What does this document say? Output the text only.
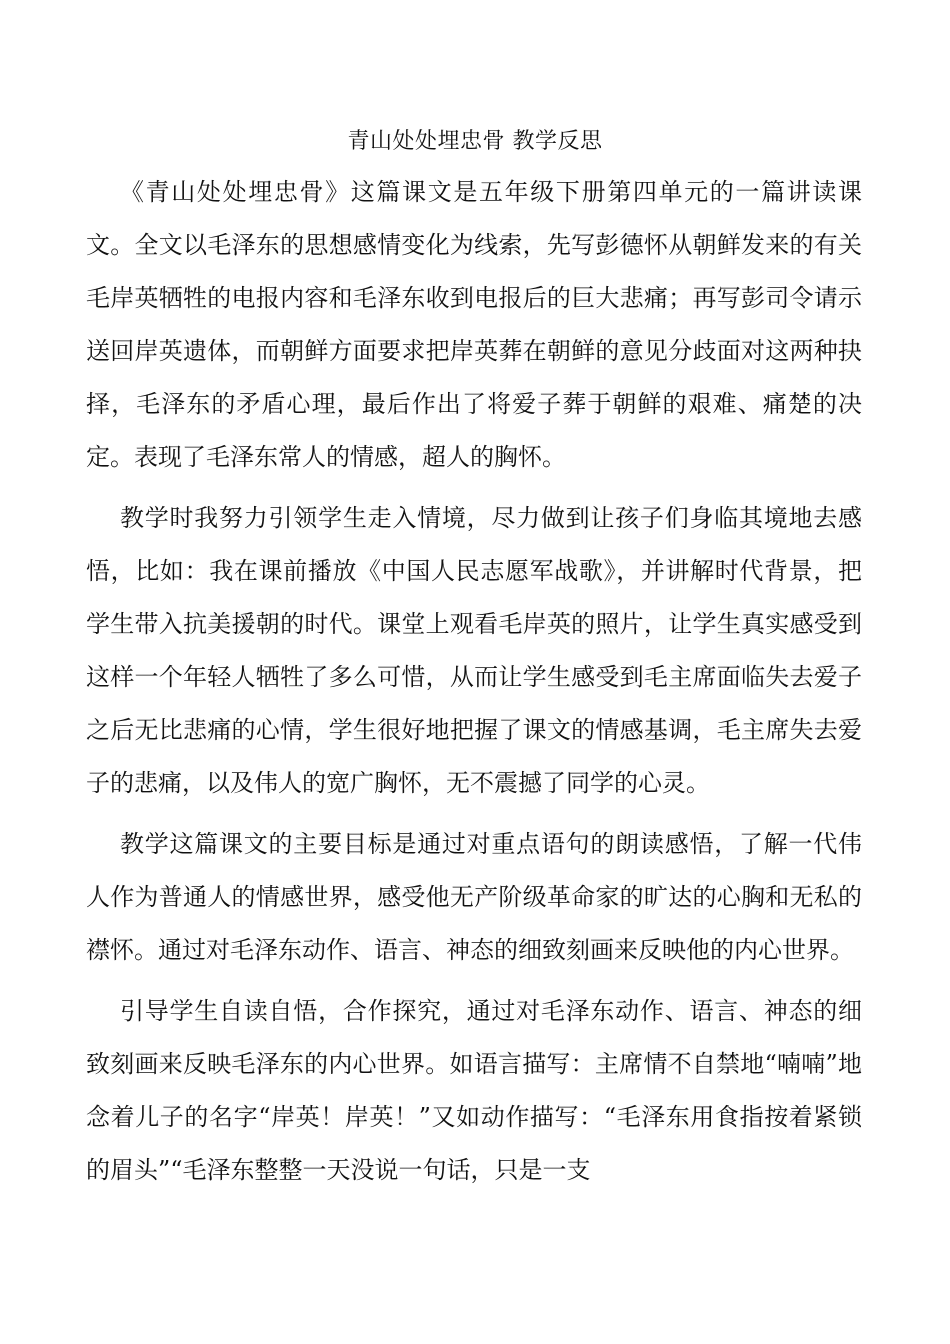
青山处处埋忠骨 教学反思

《青山处处埋忠骨》这篇课文是五年级下册第四单元的一篇讲读课文。全文以毛泽东的思想感情变化为线索，先写彭德怀从朝鲜发来的有关毛岸英牺牲的电报内容和毛泽东收到电报后的巨大悲痛；再写彭司令请示送回岸英遗体，而朝鲜方面要求把岸英葬在朝鲜的意见分歧面对这两种抉择，毛泽东的矛盾心理，最后作出了将爱子葬于朝鲜的艰难、痛楚的决定。表现了毛泽东常人的情感，超人的胸怀。

教学时我努力引领学生走入情境，尽力做到让孩子们身临其境地去感悟，比如：我在课前播放《中国人民志愿军战歌》，并讲解时代背景，把学生带入抗美援朝的时代。课堂上观看毛岸英的照片，让学生真实感受到这样一个年轻人牺牲了多么可惜，从而让学生感受到毛主席面临失去爱子之后无比悲痛的心情，学生很好地把握了课文的情感基调，毛主席失去爱子的悲痛，以及伟人的宽广胸怀，无不震撼了同学的心灵。

教学这篇课文的主要目标是通过对重点语句的朗读感悟，了解一代伟人作为普通人的情感世界，感受他无产阶级革命家的旷达的心胸和无私的襟怀。通过对毛泽东动作、语言、神态的细致刻画来反映他的内心世界。

引导学生自读自悟，合作探究，通过对毛泽东动作、语言、神态的细致刻画来反映毛泽东的内心世界。如语言描写：主席情不自禁地“喃喃”地念着儿子的名字“岸英！岸英！”又如动作描写：“毛泽东用食指按着紧锁的眉头”“毛泽东整整一天没说一句话，只是一支
